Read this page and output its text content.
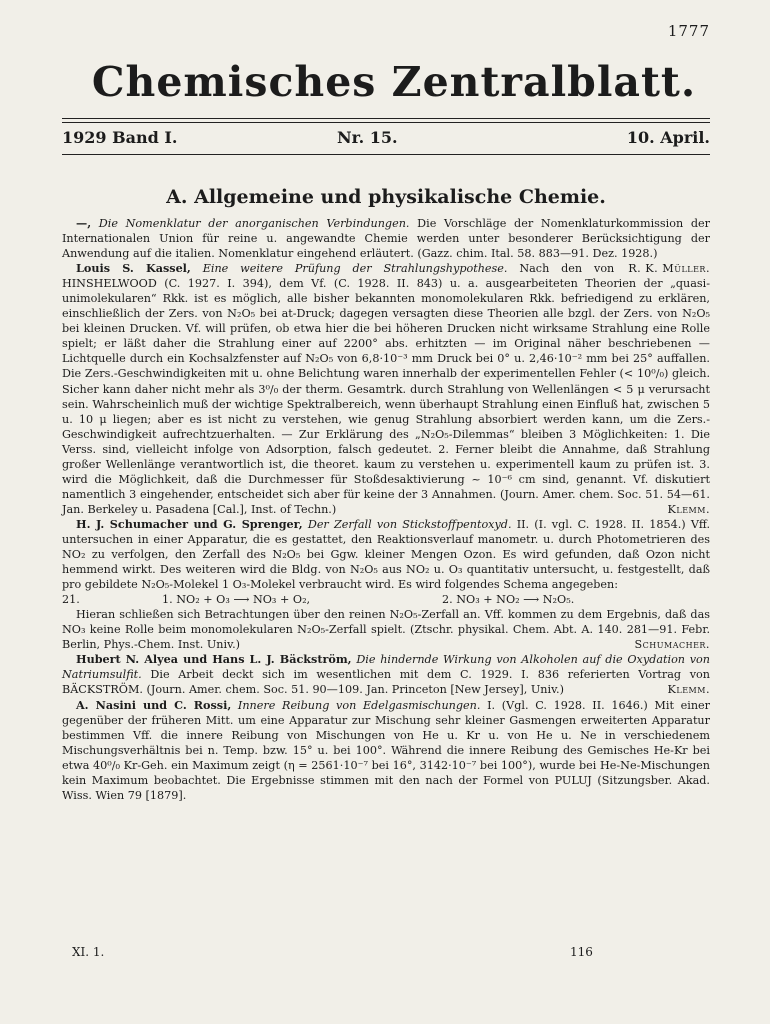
1777
Chemisches Zentralblatt.
1929 Band I.	Nr. 15.	10. April.
A. Allgemeine und physikalische Chemie.

—, Die Nomenklatur der anorganischen Verbindungen. Die Vorschläge der Nomenklaturkommission der Internationalen Union für reine u. angewandte Chemie werden unter besonderer Berücksichtigung der Anwendung auf die italien. Nomenklatur eingehend erläutert. (Gazz. chim. Ital. 58. 883—91. Dez. 1928.)
R. K. Müller.

Louis S. Kassel, Eine weitere Prüfung der Strahlungshypothese. Nach den von HINSHELWOOD (C. 1927. I. 394), dem Vf. (C. 1928. II. 843) u. a. ausgearbeiteten Theorien der „quasi-unimolekularen“ Rkk. ist es möglich, alle bisher bekannten monomolekularen Rkk. befriedigend zu erklären, einschließlich der Zers. von N₂O₅ bei at-Druck; dagegen versagten diese Theorien alle bzgl. der Zers. von N₂O₅ bei kleinen Drucken. Vf. will prüfen, ob etwa hier die bei höheren Drucken nicht wirksame Strahlung eine Rolle spielt; er läßt daher die Strahlung einer auf 2200° abs. erhitzten — im Original näher beschriebenen — Lichtquelle durch ein Kochsalzfenster auf N₂O₅ von 6,8·10⁻³ mm Druck bei 0° u. 2,46·10⁻² mm bei 25° auffallen. Die Zers.-Geschwindigkeiten mit u. ohne Belichtung waren innerhalb der experimentellen Fehler (< 10⁰/₀) gleich. Sicher kann daher nicht mehr als 3⁰/₀ der therm. Gesamtrk. durch Strahlung von Wellenlängen < 5 μ verursacht sein. Wahrscheinlich muß der wichtige Spektralbereich, wenn überhaupt Strahlung einen Einfluß hat, zwischen 5 u. 10 μ liegen; aber es ist nicht zu verstehen, wie genug Strahlung absorbiert werden kann, um die Zers.-Geschwindigkeit aufrechtzuerhalten. — Zur Erklärung des „N₂O₅-Dilemmas“ bleiben 3 Möglichkeiten: 1. Die Verss. sind, vielleicht infolge von Adsorption, falsch gedeutet. 2. Ferner bleibt die Annahme, daß Strahlung großer Wellenlänge verantwortlich ist, die theoret. kaum zu verstehen u. experimentell kaum zu prüfen ist. 3. wird die Möglichkeit, daß die Durchmesser für Stoßdesaktivierung ~ 10⁻⁶ cm sind, genannt. Vf. diskutiert namentlich 3 eingehender, entscheidet sich aber für keine der 3 Annahmen. (Journ. Amer. chem. Soc. 51. 54—61. Jan. Berkeley u. Pasadena [Cal.], Inst. of Techn.)	Klemm.

H. J. Schumacher und G. Sprenger, Der Zerfall von Stickstoffpentoxyd. II. (I. vgl. C. 1928. II. 1854.) Vff. untersuchen in einer Apparatur, die es gestattet, den Reaktionsverlauf manometr. u. durch Photometrieren des NO₂ zu verfolgen, den Zerfall des N₂O₅ bei Ggw. kleiner Mengen Ozon. Es wird gefunden, daß Ozon nicht hemmend wirkt. Des weiteren wird die Bldg. von N₂O₅ aus NO₂ u. O₃ quantitativ untersucht, u. festgestellt, daß pro gebildete N₂O₅-Molekel 1 O₃-Molekel verbraucht wird. Es wird folgendes Schema angegeben:

21.	1. NO₂ + O₃ ⟶ NO₃ + O₂,	2. NO₃ + NO₂ ⟶ N₂O₅.

Hieran schließen sich Betrachtungen über den reinen N₂O₅-Zerfall an. Vff. kommen zu dem Ergebnis, daß das NO₃ keine Rolle beim monomolekularen N₂O₅-Zerfall spielt. (Ztschr. physikal. Chem. Abt. A. 140. 281—91. Febr. Berlin, Phys.-Chem. Inst. Univ.)	Schumacher.

Hubert N. Alyea und Hans L. J. Bäckström, Die hindernde Wirkung von Alkoholen auf die Oxydation von Natriumsulfit. Die Arbeit deckt sich im wesentlichen mit dem C. 1929. I. 836 referierten Vortrag von BÄCKSTRÖM. (Journ. Amer. chem. Soc. 51. 90—109. Jan. Princeton [New Jersey], Univ.)	Klemm.

A. Nasini und C. Rossi, Innere Reibung von Edelgasmischungen. I. (Vgl. C. 1928. II. 1646.) Mit einer gegenüber der früheren Mitt. um eine Apparatur zur Mischung sehr kleiner Gasmengen erweiterten Apparatur bestimmen Vff. die innere Reibung von Mischungen von He u. Kr u. von He u. Ne in verschiedenem Mischungsverhältnis bei n. Temp. bzw. 15° u. bei 100°. Während die innere Reibung des Gemisches He-Kr bei etwa 40⁰/₀ Kr-Geh. ein Maximum zeigt (η = 2561·10⁻⁷ bei 16°, 3142·10⁻⁷ bei 100°), wurde bei He-Ne-Mischungen kein Maximum beobachtet. Die Ergebnisse stimmen mit den nach der Formel von PULUJ (Sitzungsber. Akad. Wiss. Wien 79 [1879].

XI. 1.	116
